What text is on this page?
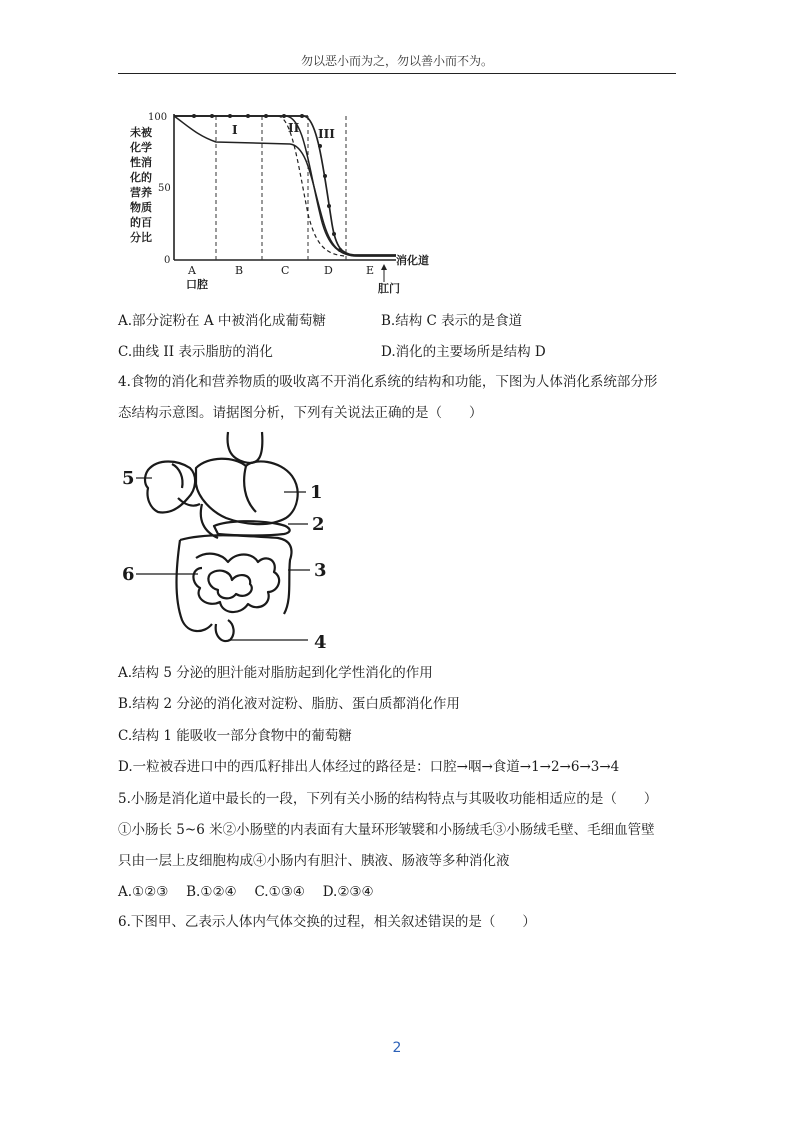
勿以恶小而为之，勿以善小而不为。
未被
化学
性消
化的
营养
物质
的百
分比
100
50
0
I	II III
A	B	C	D	E
口腔
消化道
肛门
A.部分淀粉在 A 中被消化成葡萄糖	B.结构 C 表示的是食道
C.曲线 II 表示脂肪的消化	D.消化的主要场所是结构 D
4.食物的消化和营养物质的吸收离不开消化系统的结构和功能，下图为人体消化系统部分形
态结构示意图。请据图分析，下列有关说法正确的是（　　）
1
2
3
4
5
6
A.结构 5 分泌的胆汁能对脂肪起到化学性消化的作用
B.结构 2 分泌的消化液对淀粉、脂肪、蛋白质都消化作用
C.结构 1 能吸收一部分食物中的葡萄糖
D.一粒被吞进口中的西瓜籽排出人体经过的路径是：口腔→咽→食道→1→2→6→3→4
5.小肠是消化道中最长的一段，下列有关小肠的结构特点与其吸收功能相适应的是（　　）
①小肠长 5~6 米②小肠壁的内表面有大量环形皱襞和小肠绒毛③小肠绒毛壁、毛细血管壁
只由一层上皮细胞构成④小肠内有胆汁、胰液、肠液等多种消化液
A.①②③　 B.①②④　 C.①③④　 D.②③④
6.下图甲、乙表示人体内气体交换的过程，相关叙述错误的是（　　）
2
